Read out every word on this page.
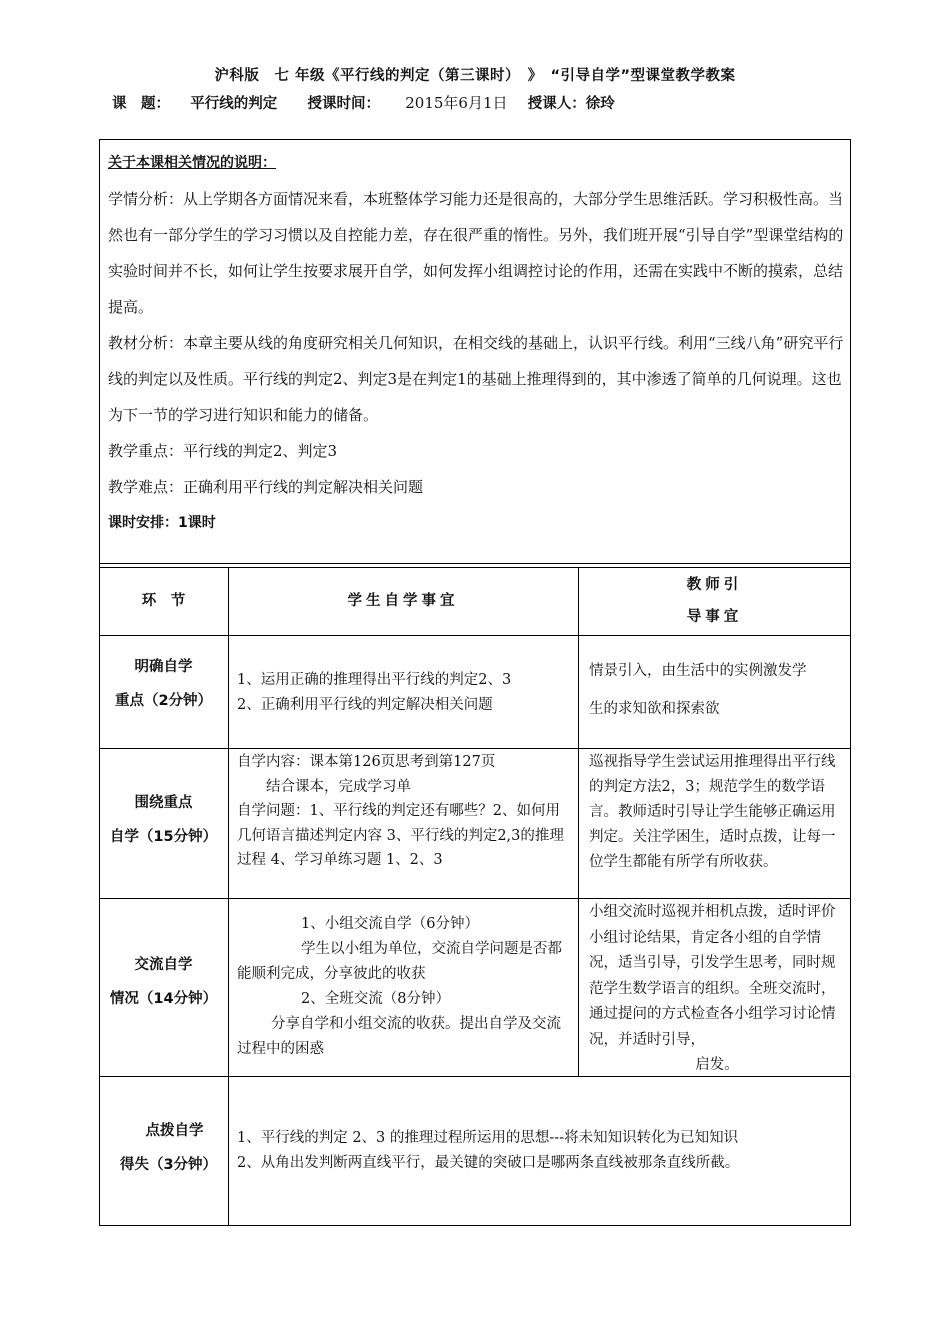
沪科版　七 年级《平行线的判定（第三课时）　》　“引导自学”型课堂教学教案
课　题： 平行线的判定 授课时间： 2015年6月1日 授课人：徐玲

关于本课相关情况的说明：

学情分析：从上学期各方面情况来看，本班整体学习能力还是很高的，大部分学生思维活跃。学习积极性高。当然也有一部分学生的学习习惯以及自控能力差，存在很严重的惰性。另外，我们班开展“引导自学”型课堂结构的实验时间并不长，如何让学生按要求展开自学，如何发挥小组调控讨论的作用，还需在实践中不断的摸索，总结提高。

教材分析：本章主要从线的角度研究相关几何知识，在相交线的基础上，认识平行线。利用“三线八角”研究平行线的判定以及性质。平行线的判定2、判定3是在判定1的基础上推理得到的，其中渗透了简单的几何说理。这也为下一节的学习进行知识和能力的储备。

教学重点：平行线的判定2、判定3

教学难点：正确利用平行线的判定解决相关问题

课时安排：1课时

环　节	学生自学事宜
教师引
导事宜
明确自学
重点（2分钟）

1、运用正确的推理得出平行线的判定2、3

2、正确利用平行线的判定解决相关问题

情景引入，由生活中的实例激发学

生的求知欲和探索欲

围绕重点
自学（15分钟）

自学内容：课本第126页思考到第127页

　　结合课本，完成学习单

自学问题：1、平行线的判定还有哪些？2、如何用几何语言描述判定内容 3、平行线的判定2,3的推理过程 4、学习单练习题 1、2、3

巡视指导学生尝试运用推理得出平行线的判定方法2，3；规范学生的数学语言。教师适时引导让学生能够正确运用判定。关注学困生，适时点拨，让每一位学生都能有所学有所收获。

交流自学
情况（14分钟）

1、小组交流自学（6分钟）

学生以小组为单位，交流自学问题是否都能顺利完成，分享彼此的收获

2、全班交流（8分钟）

分享自学和小组交流的收获。提出自学及交流过程中的困惑

小组交流时巡视并相机点拨，适时评价小组讨论结果，肯定各小组的自学情况，适当引导，引发学生思考，同时规范学生数学语言的组织。全班交流时，通过提问的方式检查各小组学习讨论情况，并适时引导，

启发。

点拨自学
得失（3分钟）

1、平行线的判定 2、3 的推理过程所运用的思想---将未知知识转化为已知知识

2、从角出发判断两直线平行，最关键的突破口是哪两条直线被那条直线所截。
